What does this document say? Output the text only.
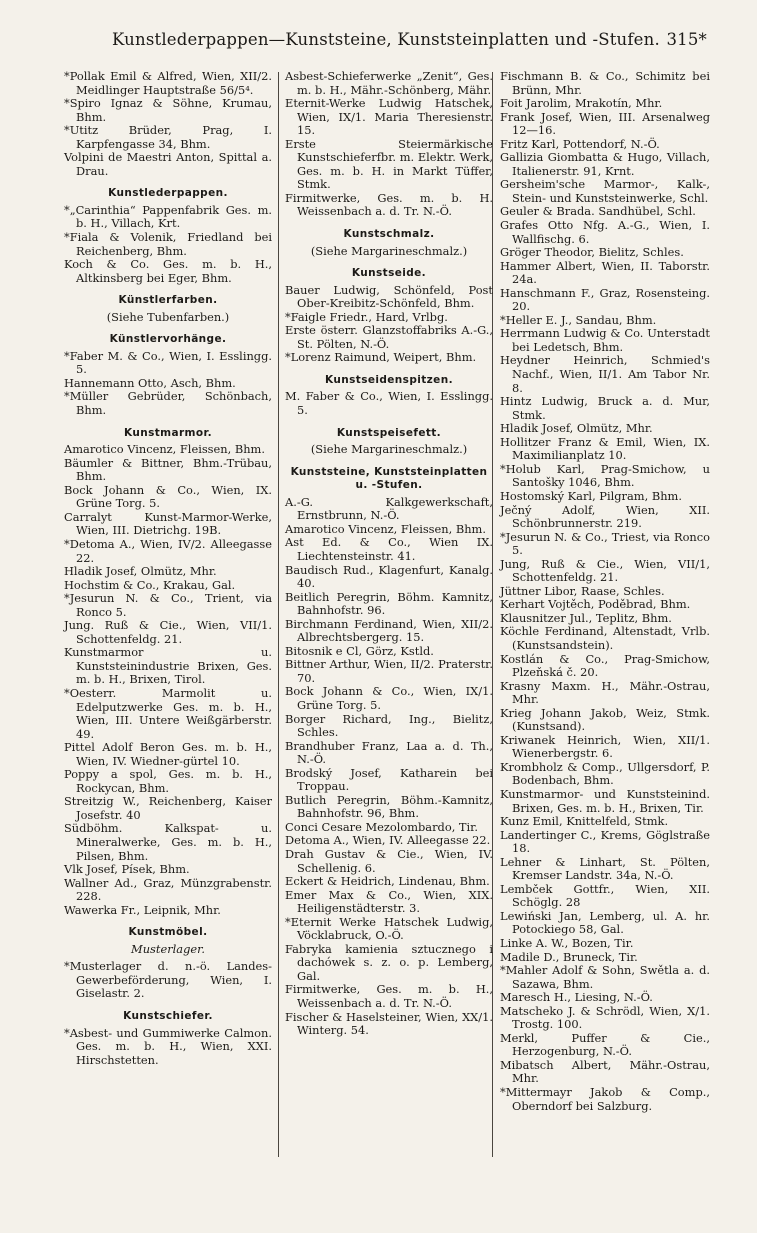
Kunstlederpappen—Kunststeine, Kunststeinplatten und -Stufen. 315*
*Pollak Emil & Alfred, Wien, XII/2. Meidlinger Hauptstraße 56/5⁴.
*Spiro Ignaz & Söhne, Krumau, Bhm.
*Utitz Brüder, Prag, I. Karpfengasse 34, Bhm.
Volpini de Maestri Anton, Spittal a. Drau.
Kunstlederpappen.
*„Carinthia“ Pappenfabrik Ges. m. b. H., Villach, Krt.
*Fiala & Volenik, Friedland bei Reichenberg, Bhm.
Koch & Co. Ges. m. b. H., Altkinsberg bei Eger, Bhm.
Künstlerfarben.
(Siehe Tubenfarben.)
Künstlervorhänge.
*Faber M. & Co., Wien, I. Esslingg. 5.
Hannemann Otto, Asch, Bhm.
*Müller Gebrüder, Schönbach, Bhm.
Kunstmarmor.
Amarotico Vincenz, Fleissen, Bhm.
Bäumler & Bittner, Bhm.-Trübau, Bhm.
Bock Johann & Co., Wien, IX. Grüne Torg. 5.
Carralyt Kunst-Marmor-Werke, Wien, III. Dietrichg. 19B.
*Detoma A., Wien, IV/2. Alleegasse 22.
Hladik Josef, Olmütz, Mhr.
Hochstim & Co., Krakau, Gal.
*Jesurun N. & Co., Trient, via Ronco 5.
Jung. Ruß & Cie., Wien, VII/1. Schottenfeldg. 21.
Kunstmarmor u. Kunststeinindustrie Brixen, Ges. m. b. H., Brixen, Tirol.
*Oesterr. Marmolit u. Edelputzwerke Ges. m. b. H., Wien, III. Untere Weißgärberstr. 49.
Pittel Adolf Beron Ges. m. b. H., Wien, IV. Wiedner-gürtel 10.
Poppy a spol, Ges. m. b. H., Rockycan, Bhm.
Streitzig W., Reichenberg, Kaiser Josefstr. 40
Südböhm. Kalkspat- u. Mineralwerke, Ges. m. b. H., Pilsen, Bhm.
Vlk Josef, Písek, Bhm.
Wallner Ad., Graz, Münzgrabenstr. 228.
Wawerka Fr., Leipnik, Mhr.
Kunstmöbel.
Musterlager.
*Musterlager d. n.-ö. Landes-Gewerbeförderung, Wien, I. Giselastr. 2.
Kunstschiefer.
*Asbest- und Gummiwerke Calmon. Ges. m. b. H., Wien, XXI. Hirschstetten.
Asbest-Schieferwerke „Zenit“, Ges. m. b. H., Mähr.-Schönberg, Mähr.
Eternit-Werke Ludwig Hatschek, Wien, IX/1. Maria Theresienstr. 15.
Erste Steiermärkische Kunstschieferfbr. m. Elektr. Werk, Ges. m. b. H. in Markt Tüffer, Stmk.
Firmitwerke, Ges. m. b. H. Weissenbach a. d. Tr. N.-Ö.
Kunstschmalz.
(Siehe Margarineschmalz.)
Kunstseide.
Bauer Ludwig, Schönfeld, Post Ober-Kreibitz-Schönfeld, Bhm.
*Faigle Friedr., Hard, Vrlbg.
Erste österr. Glanzstoffabriks A.-G., St. Pölten, N.-Ö.
*Lorenz Raimund, Weipert, Bhm.
Kunstseidenspitzen.
M. Faber & Co., Wien, I. Esslingg. 5.
Kunstspeisefett.
(Siehe Margarineschmalz.)
Kunststeine, Kunststeinplatten u. -Stufen.
A.-G. Kalkgewerkschaft, Ernstbrunn, N.-Ö.
Amarotico Vincenz, Fleissen, Bhm.
Ast Ed. & Co., Wien IX. Liechtensteinstr. 41.
Baudisch Rud., Klagenfurt, Kanalg. 40.
Beitlich Peregrin, Böhm. Kamnitz, Bahnhofstr. 96.
Birchmann Ferdinand, Wien, XII/2. Albrechtsbergerg. 15.
Bitosnik e Cl, Görz, Kstld.
Bittner Arthur, Wien, II/2. Praterstr. 70.
Bock Johann & Co., Wien, IX/1. Grüne Torg. 5.
Borger Richard, Ing., Bielitz, Schles.
Brandhuber Franz, Laa a. d. Th., N.-Ö.
Brodský Josef, Katharein bei Troppau.
Butlich Peregrin, Böhm.-Kamnitz, Bahnhofstr. 96, Bhm.
Conci Cesare Mezolombardo, Tir.
Detoma A., Wien, IV. Alleegasse 22.
Drah Gustav & Cie., Wien, IV. Schellenig. 6.
Eckert & Heidrich, Lindenau, Bhm.
Emer Max & Co., Wien, XIX. Heiligenstädterstr. 3.
*Eternit Werke Hatschek Ludwig, Vöcklabruck, O.-Ö.
Fabryka kamienia sztucznego i dachówek s. z. o. p. Lemberg, Gal.
Firmitwerke, Ges. m. b. H., Weissenbach a. d. Tr. N.-Ö.
Fischer & Haselsteiner, Wien, XX/1. Winterg. 54.
Fischmann B. & Co., Schimitz bei Brünn, Mhr.
Foit Jarolim, Mrakotín, Mhr.
Frank Josef, Wien, III. Arsenalweg 12—16.
Fritz Karl, Pottendorf, N.-Ö.
Gallizia Giombatta & Hugo, Villach, Italienerstr. 91, Krnt.
Gersheim'sche Marmor-, Kalk-, Stein- und Kunststeinwerke, Schl.
Geuler & Brada. Sandhübel, Schl.
Grafes Otto Nfg. A.-G., Wien, I. Wallfischg. 6.
Gröger Theodor, Bielitz, Schles.
Hammer Albert, Wien, II. Taborstr. 24a.
Hanschmann F., Graz, Rosensteing. 20.
*Heller E. J., Sandau, Bhm.
Herrmann Ludwig & Co. Unterstadt bei Ledetsch, Bhm.
Heydner Heinrich, Schmied's Nachf., Wien, II/1. Am Tabor Nr. 8.
Hintz Ludwig, Bruck a. d. Mur, Stmk.
Hladik Josef, Olmütz, Mhr.
Hollitzer Franz & Emil, Wien, IX. Maximilianplatz 10.
*Holub Karl, Prag-Smichow, u Santošky 1046, Bhm.
Hostomský Karl, Pilgram, Bhm.
Ječný Adolf, Wien, XII. Schönbrunnerstr. 219.
*Jesurun N. & Co., Triest, via Ronco 5.
Jung, Ruß & Cie., Wien, VII/1, Schottenfeldg. 21.
Jüttner Libor, Raase, Schles.
Kerhart Vojtěch, Poděbrad, Bhm.
Klausnitzer Jul., Teplitz, Bhm.
Köchle Ferdinand, Altenstadt, Vrlb. (Kunstsandstein).
Kostlán & Co., Prag-Smichow, Plzeňská č. 20.
Krasny Maxm. H., Mähr.-Ostrau, Mhr.
Krieg Johann Jakob, Weiz, Stmk. (Kunstsand).
Kriwanek Heinrich, Wien, XII/1. Wienerbergstr. 6.
Krombholz & Comp., Ullgersdorf, P. Bodenbach, Bhm.
Kunstmarmor- und Kunststeinind. Brixen, Ges. m. b. H., Brixen, Tir.
Kunz Emil, Knittelfeld, Stmk.
Landertinger C., Krems, Göglstraße 18.
Lehner & Linhart, St. Pölten, Kremser Landstr. 34a, N.-Ö.
Lembček Gottfr., Wien, XII. Schöglg. 28
Lewiński Jan, Lemberg, ul. A. hr. Potockiego 58, Gal.
Linke A. W., Bozen, Tir.
Madile D., Bruneck, Tir.
*Mahler Adolf & Sohn, Swětla a. d. Sazawa, Bhm.
Maresch H., Liesing, N.-Ö.
Matscheko J. & Schrödl, Wien, X/1. Trostg. 100.
Merkl, Puffer & Cie., Herzogenburg, N.-Ö.
Mibatsch Albert, Mähr.-Ostrau, Mhr.
*Mittermayr Jakob & Comp., Oberndorf bei Salzburg.
